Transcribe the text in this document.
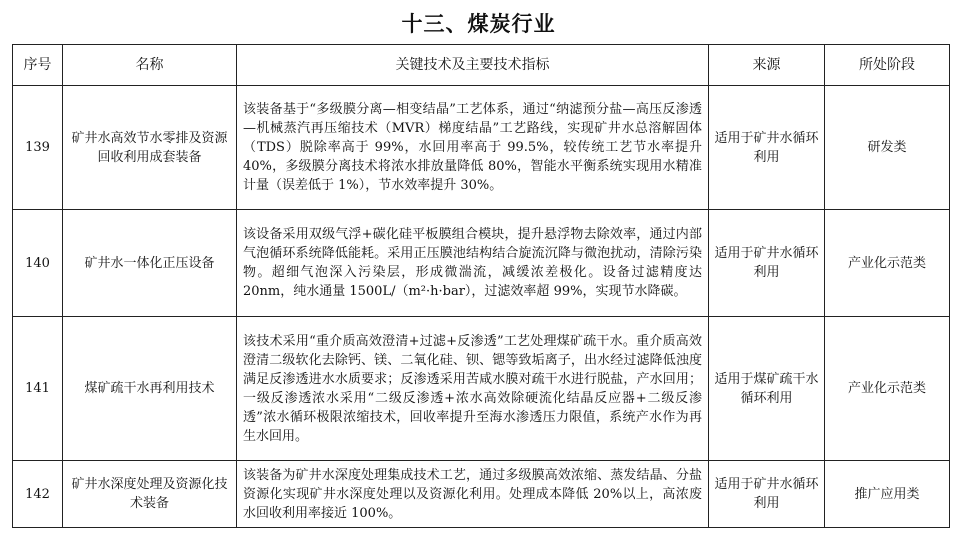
十三、煤炭行业
序号	名称	关键技术及主要技术指标	来源	所处阶段
139	矿井水高效节水零排及资源回收利用成套装备	该装备基于“多级膜分离—相变结晶”工艺体系，通过“纳滤预分盐—高压反渗透—机械蒸汽再压缩技术（MVR）梯度结晶”工艺路线，实现矿井水总溶解固体（TDS）脱除率高于 99%，水回用率高于 99.5%，较传统工艺节水率提升 40%，多级膜分离技术将浓水排放量降低 80%，智能水平衡系统实现用水精准计量（误差低于 1%），节水效率提升 30%。	适用于矿井水循环利用	研发类
140	矿井水一体化正压设备	该设备采用双级气浮+碳化硅平板膜组合模块，提升悬浮物去除效率，通过内部气泡循环系统降低能耗。采用正压膜池结构结合旋流沉降与微泡扰动，清除污染物。超细气泡深入污染层，形成微湍流，减缓浓差极化。设备过滤精度达 20nm，纯水通量 1500L/（m²·h·bar），过滤效率超 99%，实现节水降碳。	适用于矿井水循环利用	产业化示范类
141	煤矿疏干水再利用技术	该技术采用“重介质高效澄清+过滤+反渗透”工艺处理煤矿疏干水。重介质高效澄清二级软化去除钙、镁、二氧化硅、钡、锶等致垢离子，出水经过滤降低浊度满足反渗透进水水质要求；反渗透采用苦咸水膜对疏干水进行脱盐，产水回用；一级反渗透浓水采用“二级反渗透+浓水高效除硬流化结晶反应器+二级反渗透”浓水循环极限浓缩技术，回收率提升至海水渗透压力限值，系统产水作为再生水回用。	适用于煤矿疏干水循环利用	产业化示范类
142	矿井水深度处理及资源化技术装备	该装备为矿井水深度处理集成技术工艺，通过多级膜高效浓缩、蒸发结晶、分盐资源化实现矿井水深度处理以及资源化利用。处理成本降低 20%以上，高浓废水回收利用率接近 100%。	适用于矿井水循环利用	推广应用类
